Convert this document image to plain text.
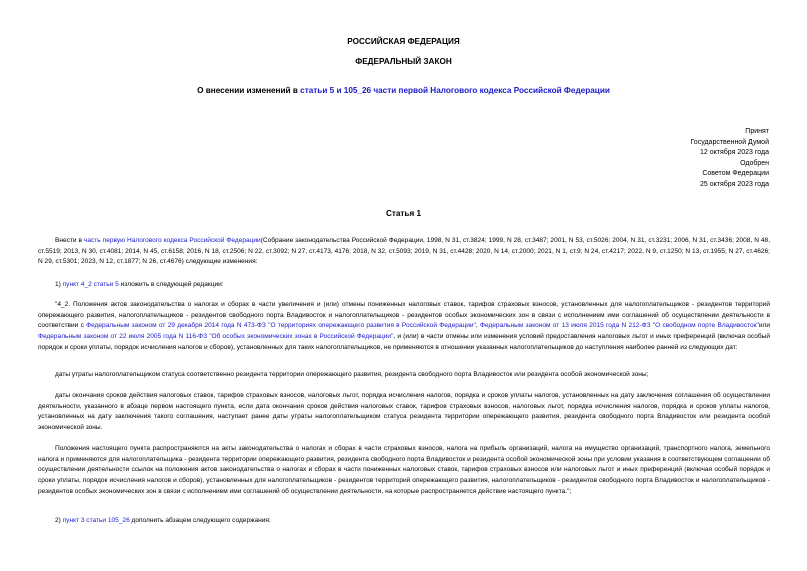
РОССИЙСКАЯ ФЕДЕРАЦИЯ
ФЕДЕРАЛЬНЫЙ ЗАКОН
О внесении изменений в статьи 5 и 105_26 части первой Налогового кодекса Российской Федерации
Принят
Государственной Думой
12 октября 2023 года
Одобрен
Советом Федерации
25 октября 2023 года
Статья 1
Внести в часть первую Налогового кодекса Российской Федерации(Собрание законодательства Российской Федерации, 1998, N 31, ст.3824; 1999, N 28, ст.3487; 2001, N 53, ст.5026; 2004, N 31, ст.3231; 2006, N 31, ст.3436; 2008, N 48, ст.5519; 2013, N 30, ст.4081; 2014, N 45, ст.6158; 2016, N 18, ст.2506; N 22, ст.3092; N 27, ст.4173, 4176; 2018, N 32, ст.5093; 2019, N 31, ст.4428; 2020, N 14, ст.2000; 2021, N 1, ст.9; N 24, ст.4217; 2022, N 9, ст.1250; N 13, ст.1955; N 27, ст.4626; N 29, ст.5301; 2023, N 12, ст.1877; N 26, ст.4676) следующие изменения:
1) пункт 4_2 статьи 5 изложить в следующей редакции:
"4_2. Положения актов законодательства о налогах и сборах в части увеличения и (или) отмены пониженных налоговых ставок, тарифов страховых взносов, установленных для налогоплательщиков - резидентов территорий опережающего развития, налогоплательщиков - резидентов свободного порта Владивосток и налогоплательщиков - резидентов особых экономических зон в связи с исполнением ими соглашений об осуществлении деятельности в соответствии с Федеральным законом от 29 декабря 2014 года N 473-ФЗ "О территориях опережающего развития в Российской Федерации", Федеральным законом от 13 июля 2015 года N 212-ФЗ "О свободном порте Владивосток"или Федеральным законом от 22 июля 2005 года N 116-ФЗ "Об особых экономических зонах в Российской Федерации", и (или) в части отмены или изменения условий предоставления налоговых льгот и иных преференций (включая особый порядок и сроки уплаты, порядок исчисления налогов и сборов), установленных для таких налогоплательщиков, не применяются в отношении указанных налогоплательщиков до наступления наиболее ранней из следующих дат:
даты утраты налогоплательщиком статуса соответственно резидента территории опережающего развития, резидента свободного порта Владивосток или резидента особой экономической зоны;
даты окончания сроков действия налоговых ставок, тарифов страховых взносов, налоговых льгот, порядка исчисления налогов, порядка и сроков уплаты налогов, установленных на дату заключения соглашения об осуществлении деятельности, указанного в абзаце первом настоящего пункта, если дата окончания сроков действия налоговых ставок, тарифов страховых взносов, налоговых льгот, порядка исчисления налогов, порядка и сроков уплаты налогов, установленных на дату заключения такого соглашения, наступает ранее даты утраты налогоплательщиком статуса резидента территории опережающего развития, резидента свободного порта Владивосток или резидента особой экономической зоны.
Положения настоящего пункта распространяются на акты законодательства о налогах и сборах в части страховых взносов, налога на прибыль организаций, налога на имущество организаций, транспортного налога, земельного налога и применяются для налогоплательщика - резидента территории опережающего развития, резидента свободного порта Владивосток и резидента особой экономической зоны при условии указания в соответствующем соглашении об осуществлении деятельности ссылок на положения актов законодательства о налогах и сборах в части пониженных налоговых ставок, тарифов страховых взносов или налоговых льгот и иных преференций (включая особый порядок и сроки уплаты, порядок исчисления налогов и сборов), установленных для налогоплательщиков - резидентов территорий опережающего развития, налогоплательщиков - резидентов свободного порта Владивосток и налогоплательщиков - резидентов особых экономических зон в связи с исполнением ими соглашений об осуществлении деятельности, на которые распространяется действие настоящего пункта.";
2) пункт 3 статьи 105_26 дополнить абзацем следующего содержания:
